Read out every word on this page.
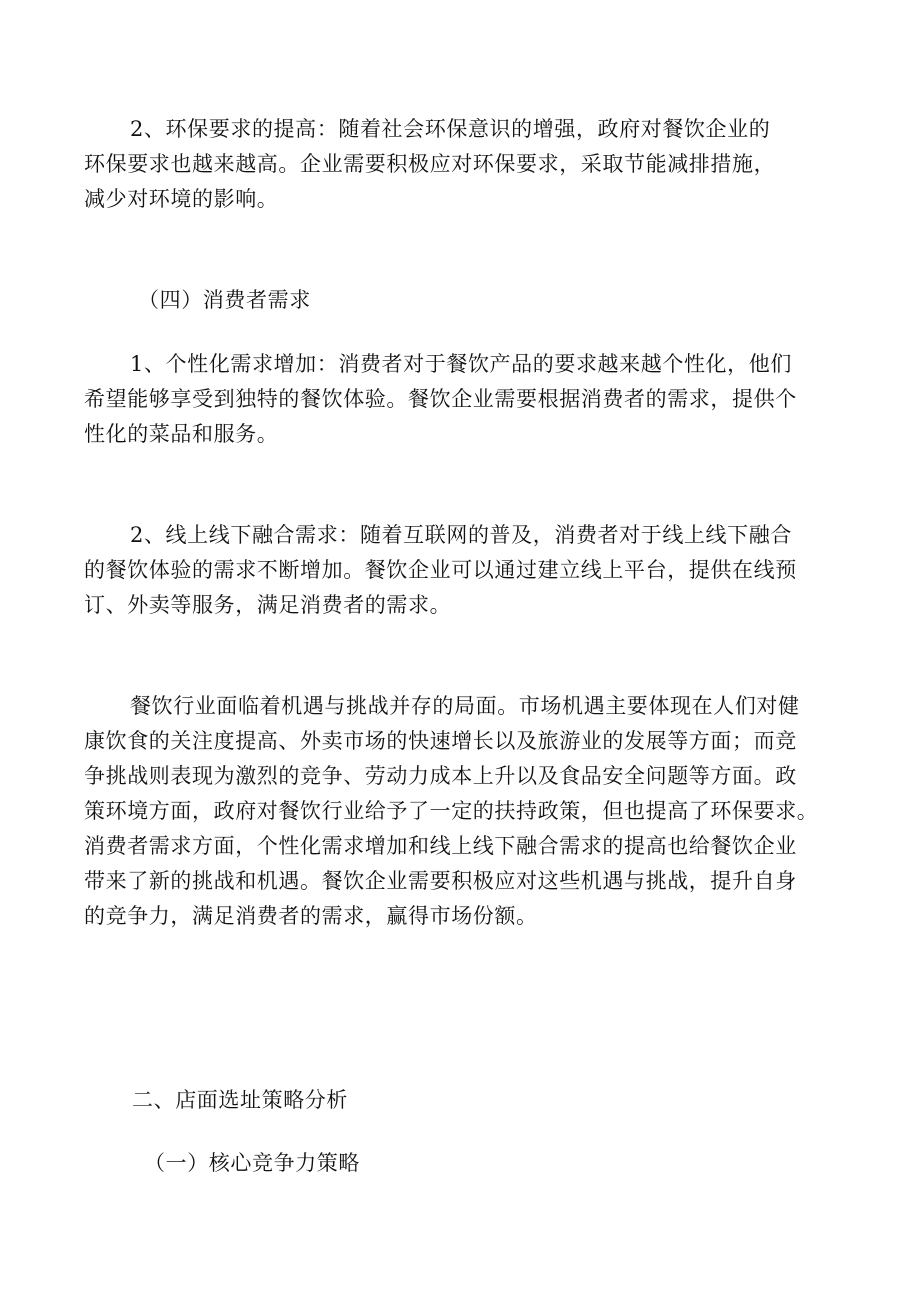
2、环保要求的提高：随着社会环保意识的增强，政府对餐饮企业的
环保要求也越来越高。企业需要积极应对环保要求，采取节能减排措施，
减少对环境的影响。
（四）消费者需求
1、个性化需求增加：消费者对于餐饮产品的要求越来越个性化，他们
希望能够享受到独特的餐饮体验。餐饮企业需要根据消费者的需求，提供个
性化的菜品和服务。
2、线上线下融合需求：随着互联网的普及，消费者对于线上线下融合
的餐饮体验的需求不断增加。餐饮企业可以通过建立线上平台，提供在线预
订、外卖等服务，满足消费者的需求。
餐饮行业面临着机遇与挑战并存的局面。市场机遇主要体现在人们对健
康饮食的关注度提高、外卖市场的快速增长以及旅游业的发展等方面；而竞
争挑战则表现为激烈的竞争、劳动力成本上升以及食品安全问题等方面。政
策环境方面，政府对餐饮行业给予了一定的扶持政策，但也提高了环保要求。
消费者需求方面，个性化需求增加和线上线下融合需求的提高也给餐饮企业
带来了新的挑战和机遇。餐饮企业需要积极应对这些机遇与挑战，提升自身
的竞争力，满足消费者的需求，赢得市场份额。
二、店面选址策略分析
（一）核心竞争力策略
